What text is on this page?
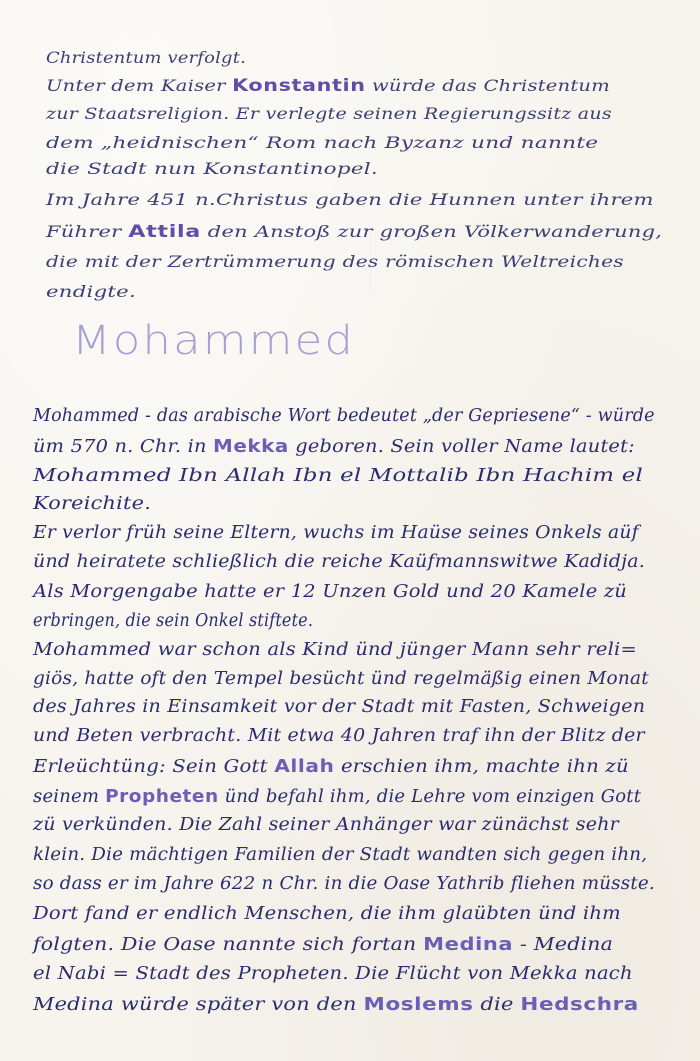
Christentum verfolgt.
Unter dem Kaiser Konstantin würde das Christentum
zur Staatsreligion. Er verlegte seinen Regierungssitz aus
dem „heidnischen“ Rom nach Byzanz und nannte
die Stadt nun Konstantinopel.
Im Jahre 451 n.Christus gaben die Hunnen unter ihrem
Führer Attila den Anstoß zur großen Völkerwanderung,
die mit der Zertrümmerung des römischen Weltreiches
endigte.
Mohammed
Mohammed - das arabische Wort bedeutet „der Gepriesene“ - würde
üm 570 n. Chr. in Mekka geboren. Sein voller Name lautet:
Mohammed Ibn Allah Ibn el Mottalib Ibn Hachim el
Koreichite.
Er verlor früh seine Eltern, wuchs im Haüse seines Onkels aüf
ünd heiratete schließlich die reiche Kaüfmannswitwe Kadidja.
Als Morgengabe hatte er 12 Unzen Gold und 20 Kamele zü
erbringen, die sein Onkel stiftete.
Mohammed war schon als Kind ünd jünger Mann sehr reli=
giös, hatte oft den Tempel besücht ünd regelmäßig einen Monat
des Jahres in Einsamkeit vor der Stadt mit Fasten, Schweigen
und Beten verbracht. Mit etwa 40 Jahren traf ihn der Blitz der
Erleüchtüng: Sein Gott Allah erschien ihm, machte ihn zü
seinem Propheten ünd befahl ihm, die Lehre vom einzigen Gott
zü verkünden. Die Zahl seiner Anhänger war zünächst sehr
klein. Die mächtigen Familien der Stadt wandten sich gegen ihn,
so dass er im Jahre 622 n Chr. in die Oase Yathrib fliehen müsste.
Dort fand er endlich Menschen, die ihm glaübten ünd ihm
folgten. Die Oase nannte sich fortan Medina - Medina
el Nabi = Stadt des Propheten. Die Flücht von Mekka nach
Medina würde später von den Moslems die Hedschra
